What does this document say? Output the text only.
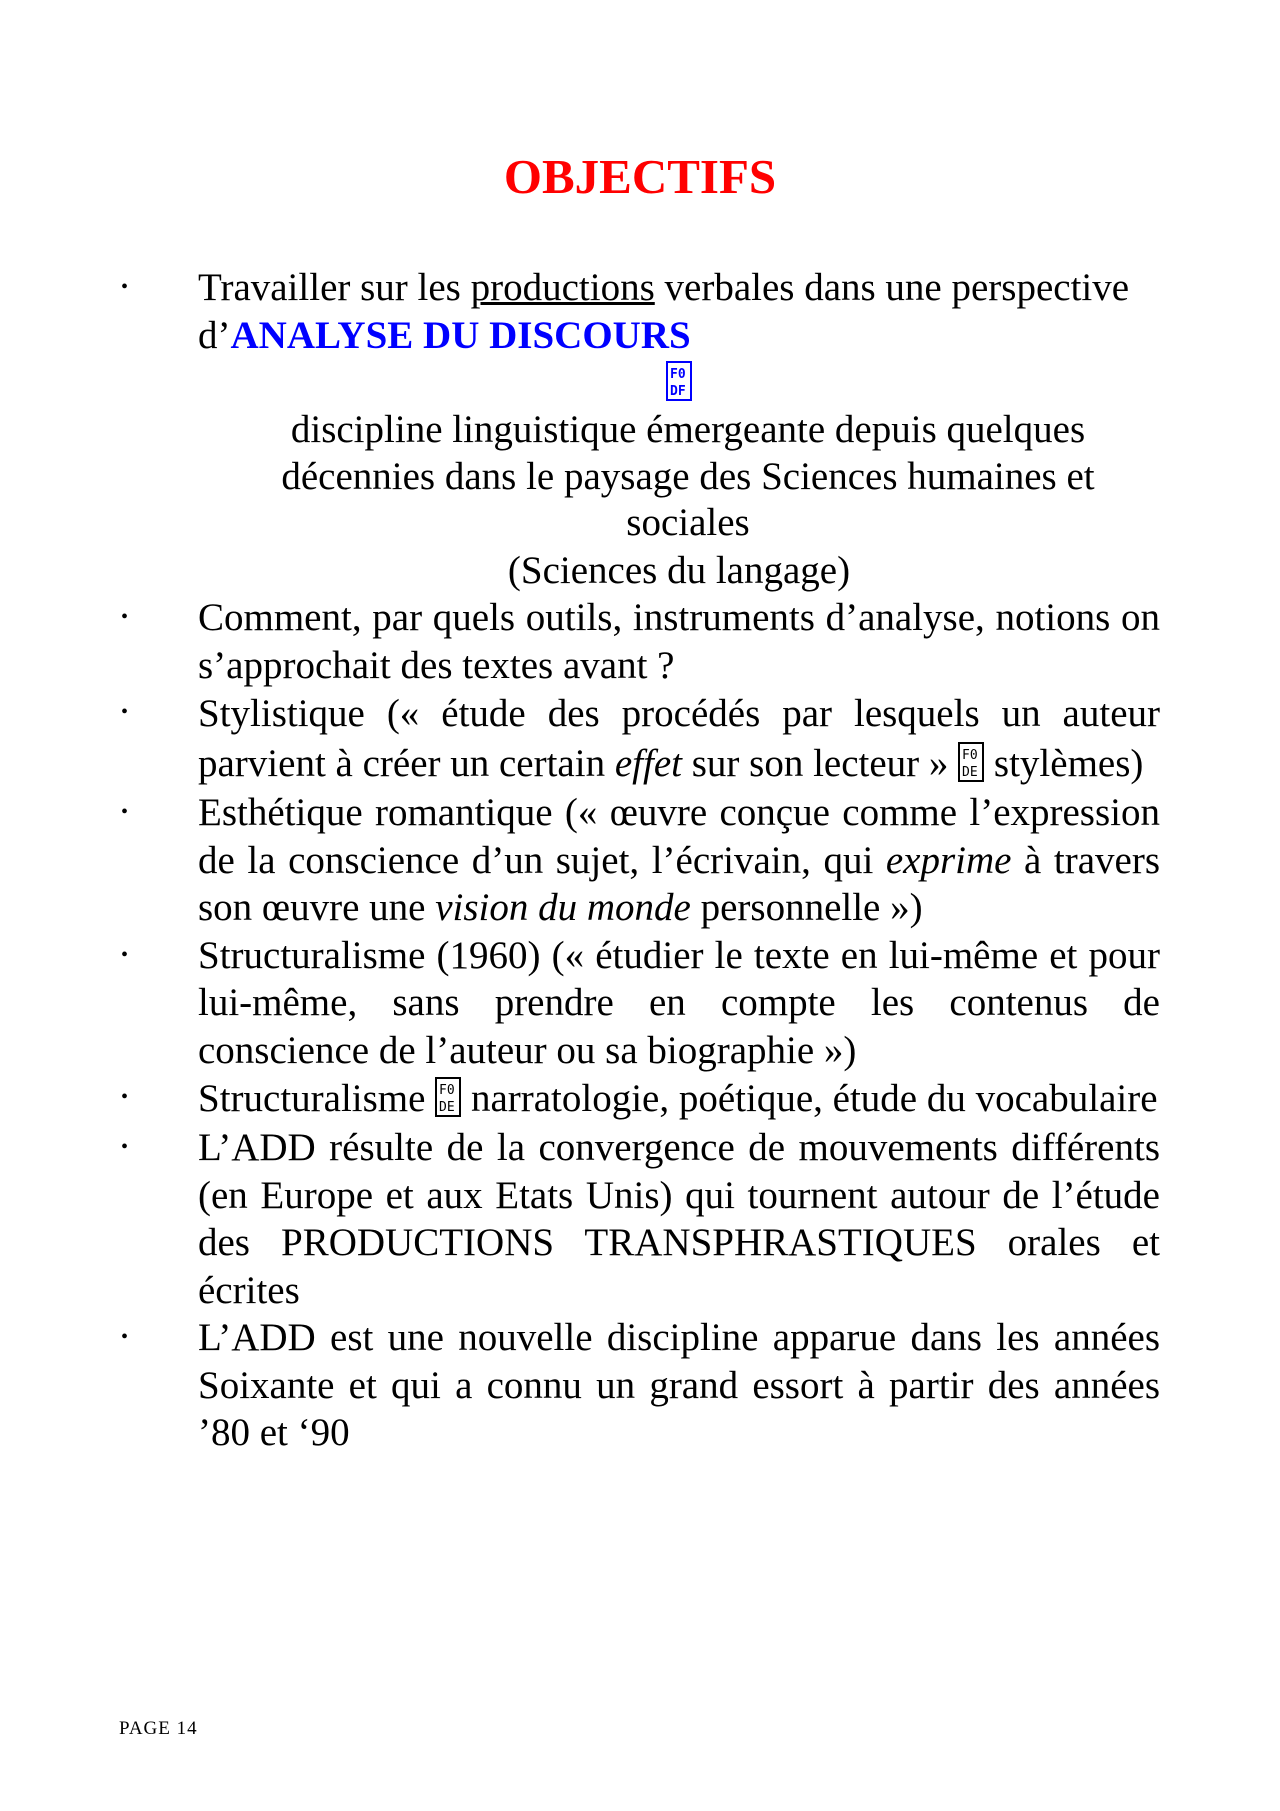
OBJECTIFS
• Travailler sur les productions verbales dans une perspective d’ANALYSE DU DISCOURS

F0
DF

discipline linguistique émergeante depuis quelques décennies dans le paysage des Sciences humaines et sociales

(Sciences du langage)

• Comment, par quels outils, instruments d’analyse, notions on s’approchait des textes avant ?

• Stylistique (« étude des procédés par lesquels un auteur parvient à créer un certain effet sur son lecteur » F0
DE stylèmes)

• Esthétique romantique (« œuvre conçue comme l’expression de la conscience d’un sujet, l’écrivain, qui exprime à travers son œuvre une vision du monde personnelle »)

• Structuralisme (1960) (« étudier le texte en lui-même et pour lui-même, sans prendre en compte les contenus de conscience de l’auteur ou sa biographie »)

• Structuralisme F0
DE narratologie, poétique, étude du vocabulaire

• L’ADD résulte de la convergence de mouvements différents (en Europe et aux Etats Unis) qui tournent autour de l’étude des PRODUCTIONS TRANSPHRASTIQUES orales et écrites

• L’ADD est une nouvelle discipline apparue dans les années Soixante et qui a connu un grand essort à partir des années ’80 et ‘90

PAGE 14
